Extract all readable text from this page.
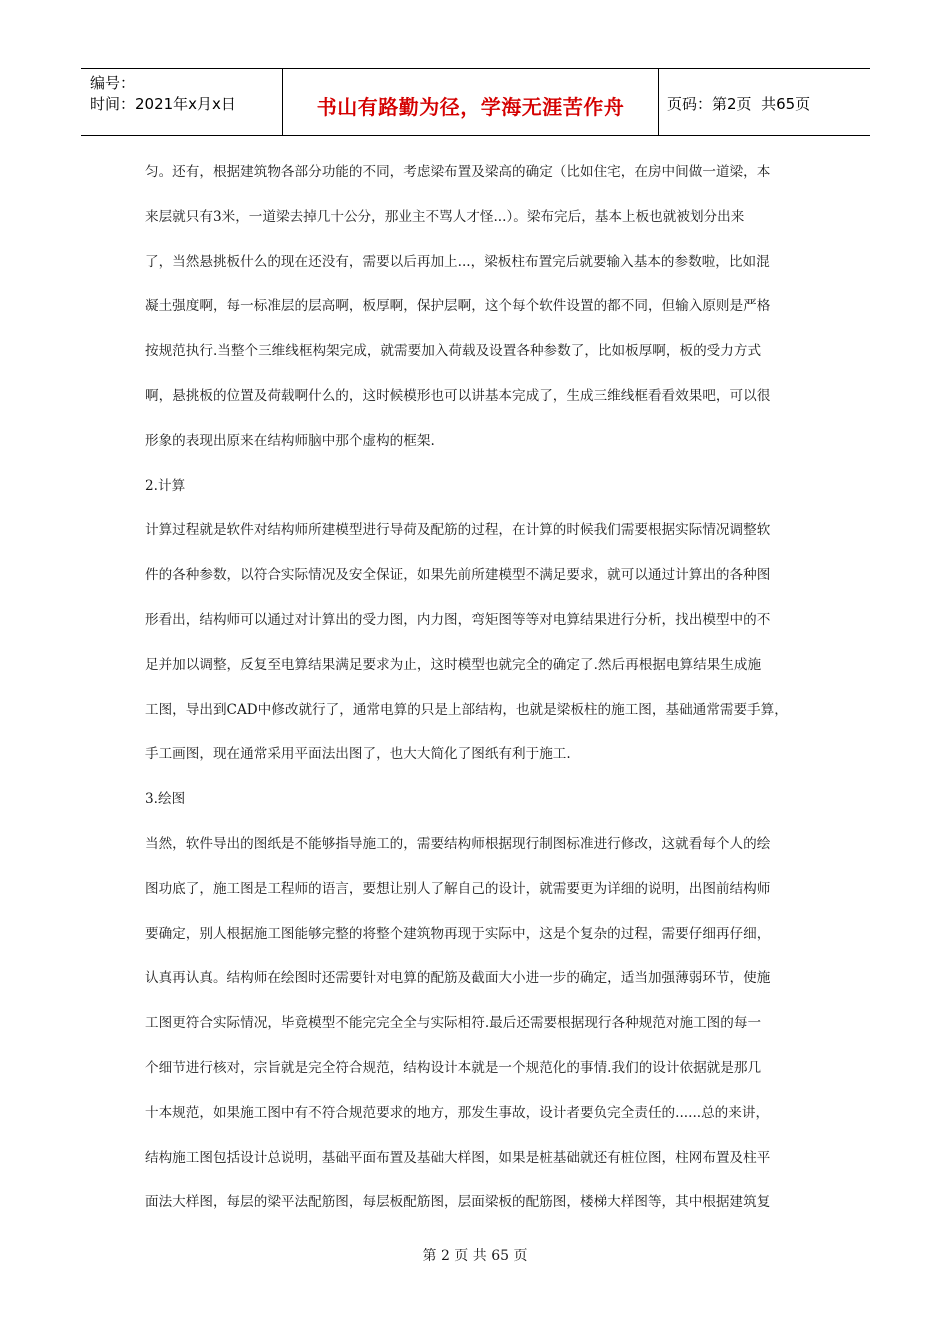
编号：
时间：2021年x月x日	书山有路勤为径，学海无涯苦作舟	页码：第2页  共65页
匀。还有，根据建筑物各部分功能的不同，考虑梁布置及梁高的确定（比如住宅，在房中间做一道梁，本
来层就只有3米，一道梁去掉几十公分，那业主不骂人才怪...）。梁布完后，基本上板也就被划分出来
了，当然悬挑板什么的现在还没有，需要以后再加上...，梁板柱布置完后就要输入基本的参数啦，比如混
凝土强度啊，每一标准层的层高啊，板厚啊，保护层啊，这个每个软件设置的都不同，但输入原则是严格
按规范执行.当整个三维线框构架完成，就需要加入荷载及设置各种参数了，比如板厚啊，板的受力方式
啊，悬挑板的位置及荷载啊什么的，这时候模形也可以讲基本完成了，生成三维线框看看效果吧，可以很
形象的表现出原来在结构师脑中那个虚构的框架.
2.计算
计算过程就是软件对结构师所建模型进行导荷及配筋的过程，在计算的时候我们需要根据实际情况调整软
件的各种参数，以符合实际情况及安全保证，如果先前所建模型不满足要求，就可以通过计算出的各种图
形看出，结构师可以通过对计算出的受力图，内力图，弯矩图等等对电算结果进行分析，找出模型中的不
足并加以调整，反复至电算结果满足要求为止，这时模型也就完全的确定了.然后再根据电算结果生成施
工图，导出到CAD中修改就行了，通常电算的只是上部结构，也就是梁板柱的施工图，基础通常需要手算，
手工画图，现在通常采用平面法出图了，也大大简化了图纸有利于施工.
3.绘图
当然，软件导出的图纸是不能够指导施工的，需要结构师根据现行制图标准进行修改，这就看每个人的绘
图功底了，施工图是工程师的语言，要想让别人了解自己的设计，就需要更为详细的说明，出图前结构师
要确定，别人根据施工图能够完整的将整个建筑物再现于实际中，这是个复杂的过程，需要仔细再仔细，
认真再认真。结构师在绘图时还需要针对电算的配筋及截面大小进一步的确定，适当加强薄弱环节，使施
工图更符合实际情况，毕竟模型不能完完全全与实际相符.最后还需要根据现行各种规范对施工图的每一
个细节进行核对，宗旨就是完全符合规范，结构设计本就是一个规范化的事情.我们的设计依据就是那几
十本规范，如果施工图中有不符合规范要求的地方，那发生事故，设计者要负完全责任的......总的来讲，
结构施工图包括设计总说明，基础平面布置及基础大样图，如果是桩基础就还有桩位图，柱网布置及柱平
面法大样图，每层的梁平法配筋图，每层板配筋图，层面梁板的配筋图，楼梯大样图等，其中根据建筑复
第 2 页 共 65 页
